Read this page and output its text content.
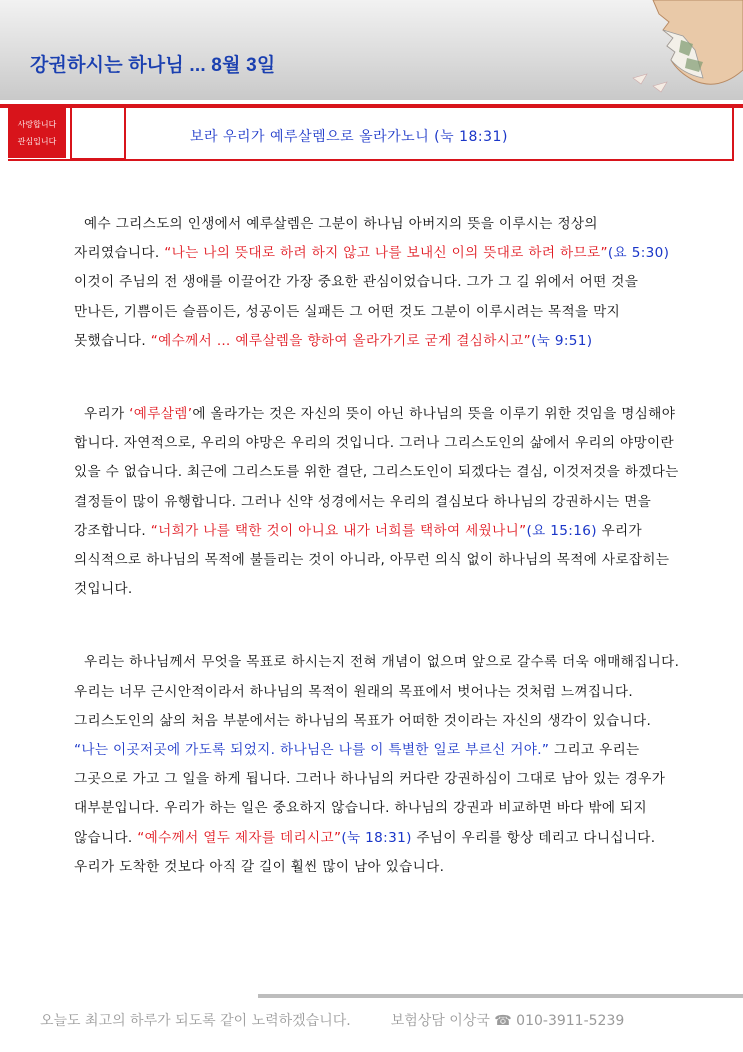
강권하시는 하나님 ... 8월 3일
사랑합니다
관심입니다	보라 우리가 예루살렘으로 올라가노니 (눅 18:31)

예수 그리스도의 인생에서 예루살렘은 그분이 하나님 아버지의 뜻을 이루시는 정상의 자리였습니다. “나는 나의 뜻대로 하려 하지 않고 나를 보내신 이의 뜻대로 하려 하므로”(요 5:30) 이것이 주님의 전 생애를 이끌어간 가장 중요한 관심이었습니다. 그가 그 길 위에서 어떤 것을 만나든, 기쁨이든 슬픔이든, 성공이든 실패든 그 어떤 것도 그분이 이루시려는 목적을 막지 못했습니다. “예수께서 … 예루살렘을 향하여 올라가기로 굳게 결심하시고”(눅 9:51)

우리가 ‘예루살렘’에 올라가는 것은 자신의 뜻이 아닌 하나님의 뜻을 이루기 위한 것임을 명심해야 합니다. 자연적으로, 우리의 야망은 우리의 것입니다. 그러나 그리스도인의 삶에서 우리의 야망이란 있을 수 없습니다. 최근에 그리스도를 위한 결단, 그리스도인이 되겠다는 결심, 이것저것을 하겠다는 결정들이 많이 유행합니다. 그러나 신약 성경에서는 우리의 결심보다 하나님의 강권하시는 면을 강조합니다. “너희가 나를 택한 것이 아니요 내가 너희를 택하여 세웠나니”(요 15:16) 우리가 의식적으로 하나님의 목적에 불들리는 것이 아니라, 아무런 의식 없이 하나님의 목적에 사로잡히는 것입니다.

우리는 하나님께서 무엇을 목표로 하시는지 전혀 개념이 없으며 앞으로 갈수록 더욱 애매해집니다. 우리는 너무 근시안적이라서 하나님의 목적이 원래의 목표에서 벗어나는 것처럼 느껴집니다. 그리스도인의 삶의 처음 부분에서는 하나님의 목표가 어떠한 것이라는 자신의 생각이 있습니다. “나는 이곳저곳에 가도록 되었지. 하나님은 나를 이 특별한 일로 부르신 거야.” 그리고 우리는 그곳으로 가고 그 일을 하게 됩니다. 그러나 하나님의 커다란 강권하심이 그대로 남아 있는 경우가 대부분입니다. 우리가 하는 일은 중요하지 않습니다. 하나님의 강권과 비교하면 바다 밖에 되지 않습니다. “예수께서 열두 제자를 데리시고”(눅 18:31) 주님이 우리를 항상 데리고 다니십니다. 우리가 도착한 것보다 아직 갈 길이 훨씬 많이 남아 있습니다.

오늘도 최고의 하루가 되도록 같이 노력하겠습니다.	보험상담 이상국 ☎ 010-3911-5239
